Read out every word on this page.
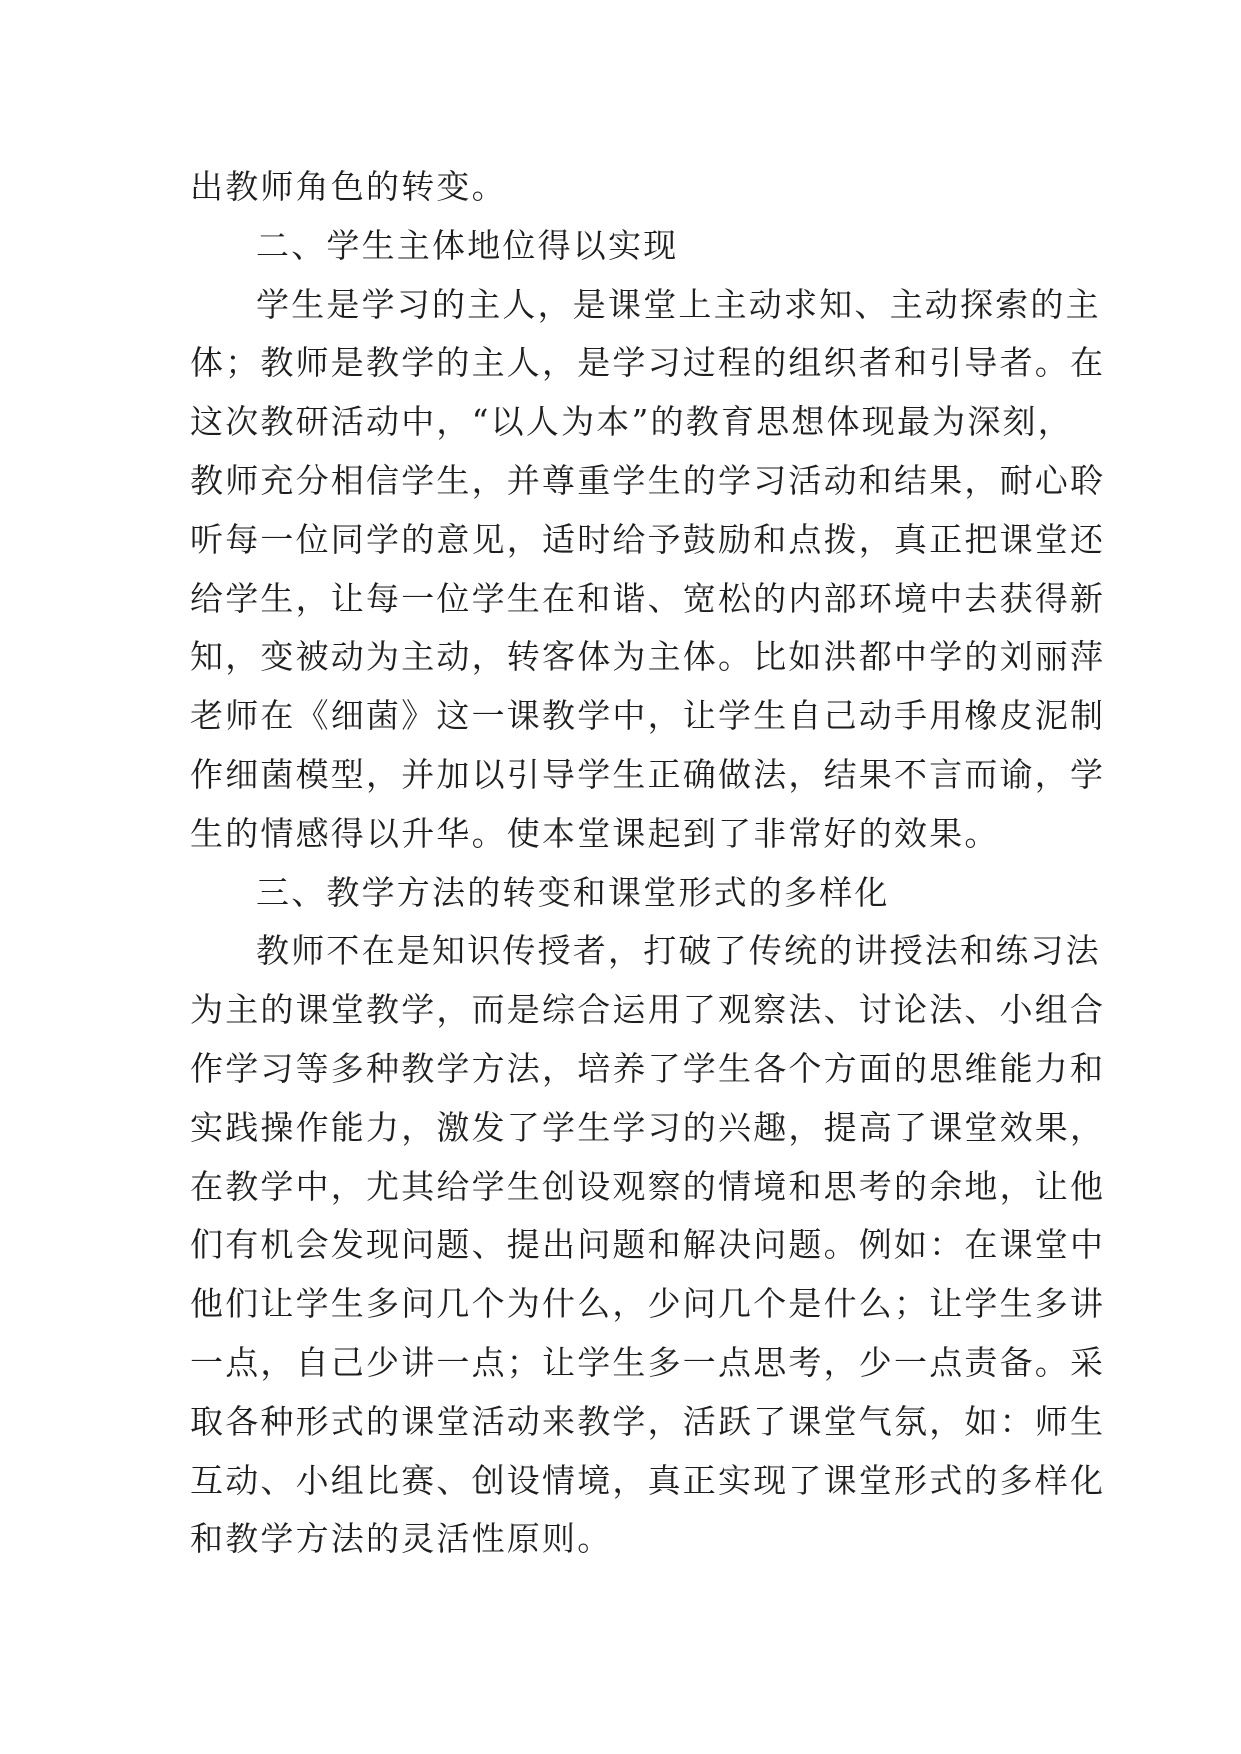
出教师角色的转变。
二、学生主体地位得以实现
学生是学习的主人，是课堂上主动求知、主动探索的主
体；教师是教学的主人，是学习过程的组织者和引导者。在
这次教研活动中，“以人为本”的教育思想体现最为深刻，
教师充分相信学生，并尊重学生的学习活动和结果，耐心聆
听每一位同学的意见，适时给予鼓励和点拨，真正把课堂还
给学生，让每一位学生在和谐、宽松的内部环境中去获得新
知，变被动为主动，转客体为主体。比如洪都中学的刘丽萍
老师在《细菌》这一课教学中，让学生自己动手用橡皮泥制
作细菌模型，并加以引导学生正确做法，结果不言而谕，学
生的情感得以升华。使本堂课起到了非常好的效果。
三、教学方法的转变和课堂形式的多样化
教师不在是知识传授者，打破了传统的讲授法和练习法
为主的课堂教学，而是综合运用了观察法、讨论法、小组合
作学习等多种教学方法，培养了学生各个方面的思维能力和
实践操作能力，激发了学生学习的兴趣，提高了课堂效果，
在教学中，尤其给学生创设观察的情境和思考的余地，让他
们有机会发现问题、提出问题和解决问题。例如：在课堂中
他们让学生多问几个为什么，少问几个是什么；让学生多讲
一点，自己少讲一点；让学生多一点思考，少一点责备。采
取各种形式的课堂活动来教学，活跃了课堂气氛，如：师生
互动、小组比赛、创设情境，真正实现了课堂形式的多样化
和教学方法的灵活性原则。
